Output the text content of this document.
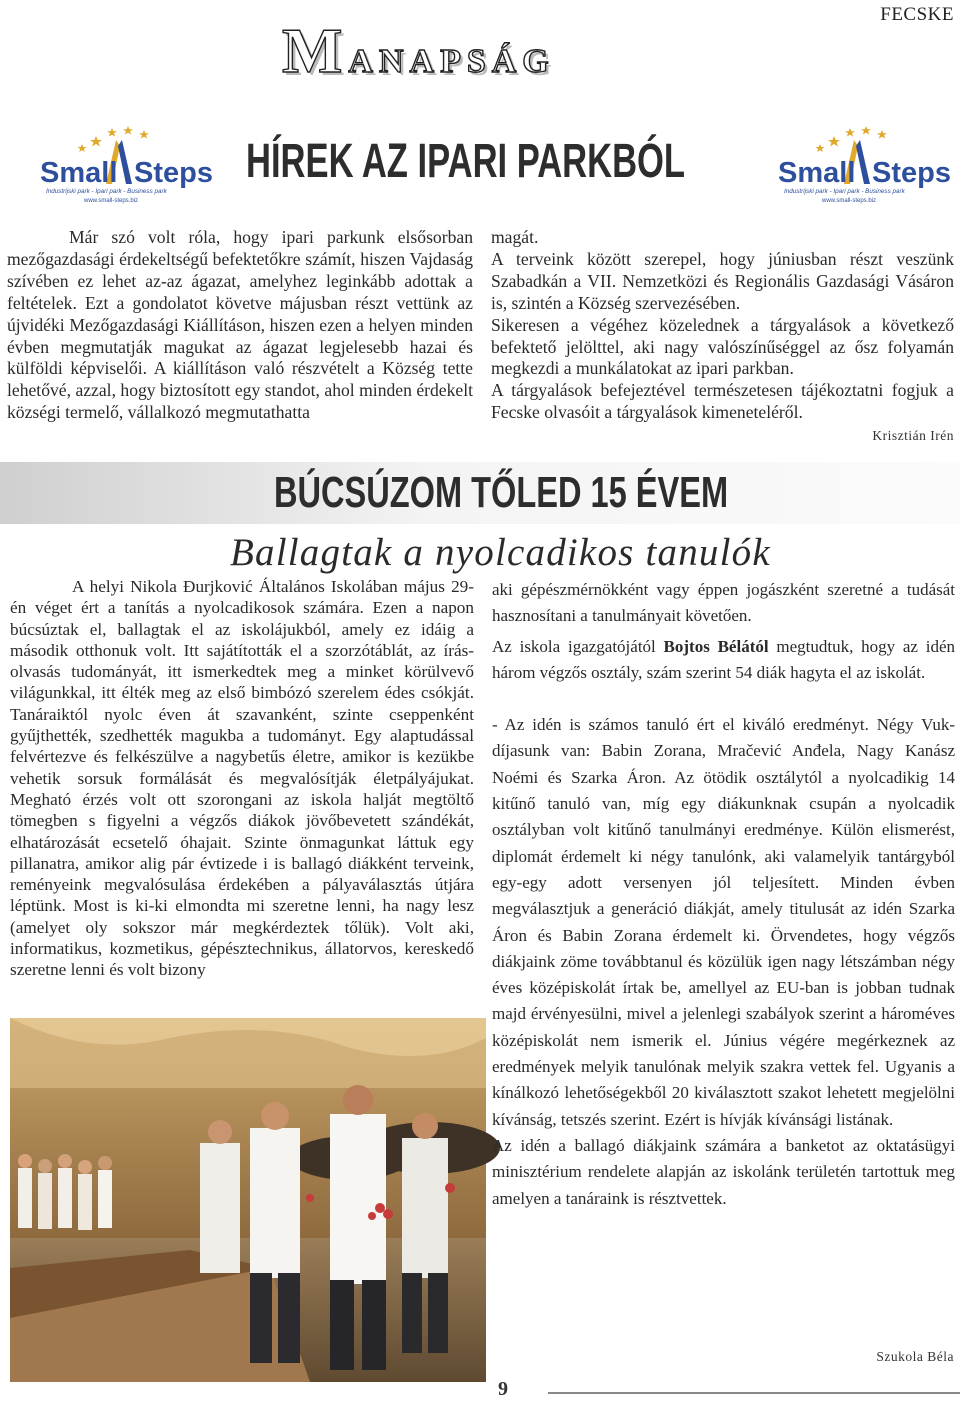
FECSKE
MANAPSÁG
Small Steps
Industrijski park - Ipari park - Business park
www.small-steps.biz
Small Steps
Industrijski park - Ipari park - Business park
www.small-steps.biz
HÍREK AZ IPARI PARKBÓL

Már szó volt róla, hogy ipari parkunk elsősorban mezőgazdasági érdekeltségű befektetőkre számít, hiszen Vajdaság szívében ez lehet az-az ágazat, amelyhez leginkább adottak a feltételek. Ezt a gondolatot követve májusban részt vettünk az újvidéki Mezőgazdasági Kiállításon, hiszen ezen a helyen minden évben megmutatják magukat az ágazat legjelesebb hazai és külföldi képviselői. A kiállításon való részvételt a Község tette lehetővé, azzal, hogy biztosított egy standot, ahol minden érdekelt községi termelő, vállalkozó megmutathatta

magát.

A terveink között szerepel, hogy júniusban részt veszünk Szabadkán a VII. Nemzetközi és Regionális Gazdasági Vásáron is, szintén a Község szervezésében.

Sikeresen a végéhez közelednek a tárgyalások a következő befektető jelölttel, aki nagy valószínűséggel az ősz folyamán megkezdi a munkálatokat az ipari parkban.

A tárgyalások befejeztével természetesen tájékoztatni fogjuk a Fecske olvasóit a tárgyalások kimeneteléről.

Krisztián Irén
BÚCSÚZOM TŐLED 15 ÉVEM
Ballagtak a nyolcadikos tanulók

A helyi Nikola Đurjković Általános Iskolában május 29-én véget ért a tanítás a nyolcadikosok számára. Ezen a napon búcsúztak el, ballagtak el az iskolájukból, amely ez idáig a második otthonuk volt. Itt sajátították el a szorzótáblát, az írás-olvasás tudományát, itt ismerkedtek meg a minket körülvevő világunkkal, itt élték meg az első bimbózó szerelem édes csókját. Tanáraiktól nyolc éven át szavanként, szinte cseppenként gyűjthették, szedhették magukba a tudományt. Egy alaptudással felvértezve és felkészülve a nagybetűs életre, amikor is kezükbe vehetik sorsuk formálását és megvalósítják életpályájukat. Megható érzés volt ott szorongani az iskola halját megtöltő tömegben s figyelni a végzős diákok jövőbevetett szándékát, elhatározását ecsetelő óhajait. Szinte önmagunkat láttuk egy pillanatra, amikor alig pár évtizede i is ballagó diákként terveink, reményeink megvalósulása érdekében a pályaválasztás útjára léptünk. Most is ki-ki elmondta mi szeretne lenni, ha nagy lesz (amelyet oly sokszor már megkérdeztek tőlük). Volt aki, informatikus, kozmetikus, gépésztechnikus, állatorvos, kereskedő szeretne lenni és volt bizony

aki gépészmérnökként vagy éppen jogászként szeretné a tudását hasznosítani a tanulmányait követően.

Az iskola igazgatójától Bojtos Bélától megtudtuk, hogy az idén három végzős osztály, szám szerint 54 diák hagyta el az iskolát.

- Az idén is számos tanuló ért el kiváló eredményt. Négy Vuk-díjasunk van: Babin Zorana, Mračević Anđela, Nagy Kanász Noémi és Szarka Áron. Az ötödik osztálytól a nyolcadikig 14 kitűnő tanuló van, míg egy diákunknak csupán a nyolcadik osztályban volt kitűnő tanulmányi eredménye. Külön elismerést, diplomát érdemelt ki négy tanulónk, aki valamelyik tantárgyból egy-egy adott versenyen jól teljesített. Minden évben megválasztjuk a generáció diákját, amely titulusát az idén Szarka Áron és Babin Zorana érdemelt ki. Örvendetes, hogy végzős diákjaink zöme továbbtanul és közülük igen nagy létszámban négy éves középiskolát írtak be, amellyel az EU-ban is jobban tudnak majd érvényesülni, mivel a jelenlegi szabályok szerint a hároméves középiskolát nem ismerik el. Június végére megérkeznek az eredmények melyik tanulónak melyik szakra vettek fel. Ugyanis a kínálkozó lehetőségekből 20 kiválasztott szakot lehetett megjelölni kívánság, tetszés szerint. Ezért is hívják kívánsági listának.

Az idén a ballagó diákjaink számára a banketot az oktatásügyi minisztérium rendelete alapján az iskolánk területén tartottuk meg amelyen a tanáraink is résztvettek.

Szukola Béla
9
